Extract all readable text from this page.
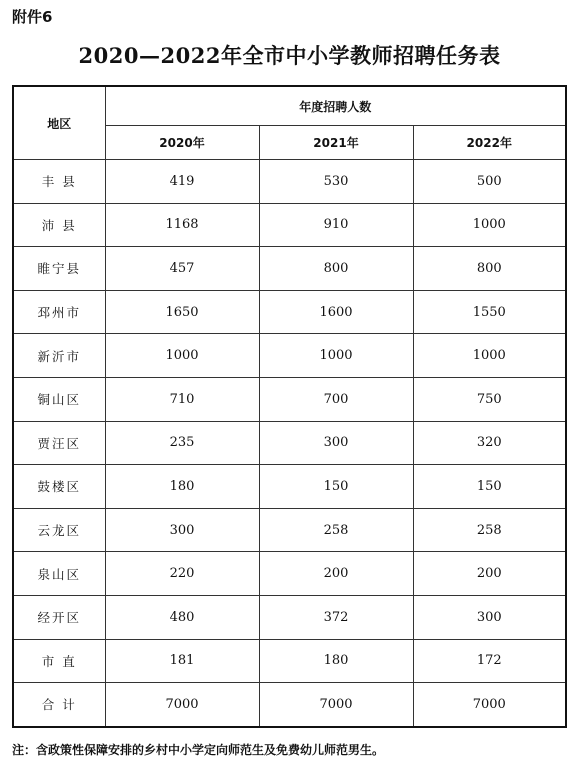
附件6
2020—2022年全市中小学教师招聘任务表
地区	年度招聘人数		
	2020年	2021年	2022年
丰 县	419	530	500
沛 县	1168	910	1000
睢宁县	457	800	800
邳州市	1650	1600	1550
新沂市	1000	1000	1000
铜山区	710	700	750
贾汪区	235	300	320
鼓楼区	180	150	150
云龙区	300	258	258
泉山区	220	200	200
经开区	480	372	300
市 直	181	180	172
合 计	7000	7000	7000
注：含政策性保障安排的乡村中小学定向师范生及免费幼儿师范男生。
